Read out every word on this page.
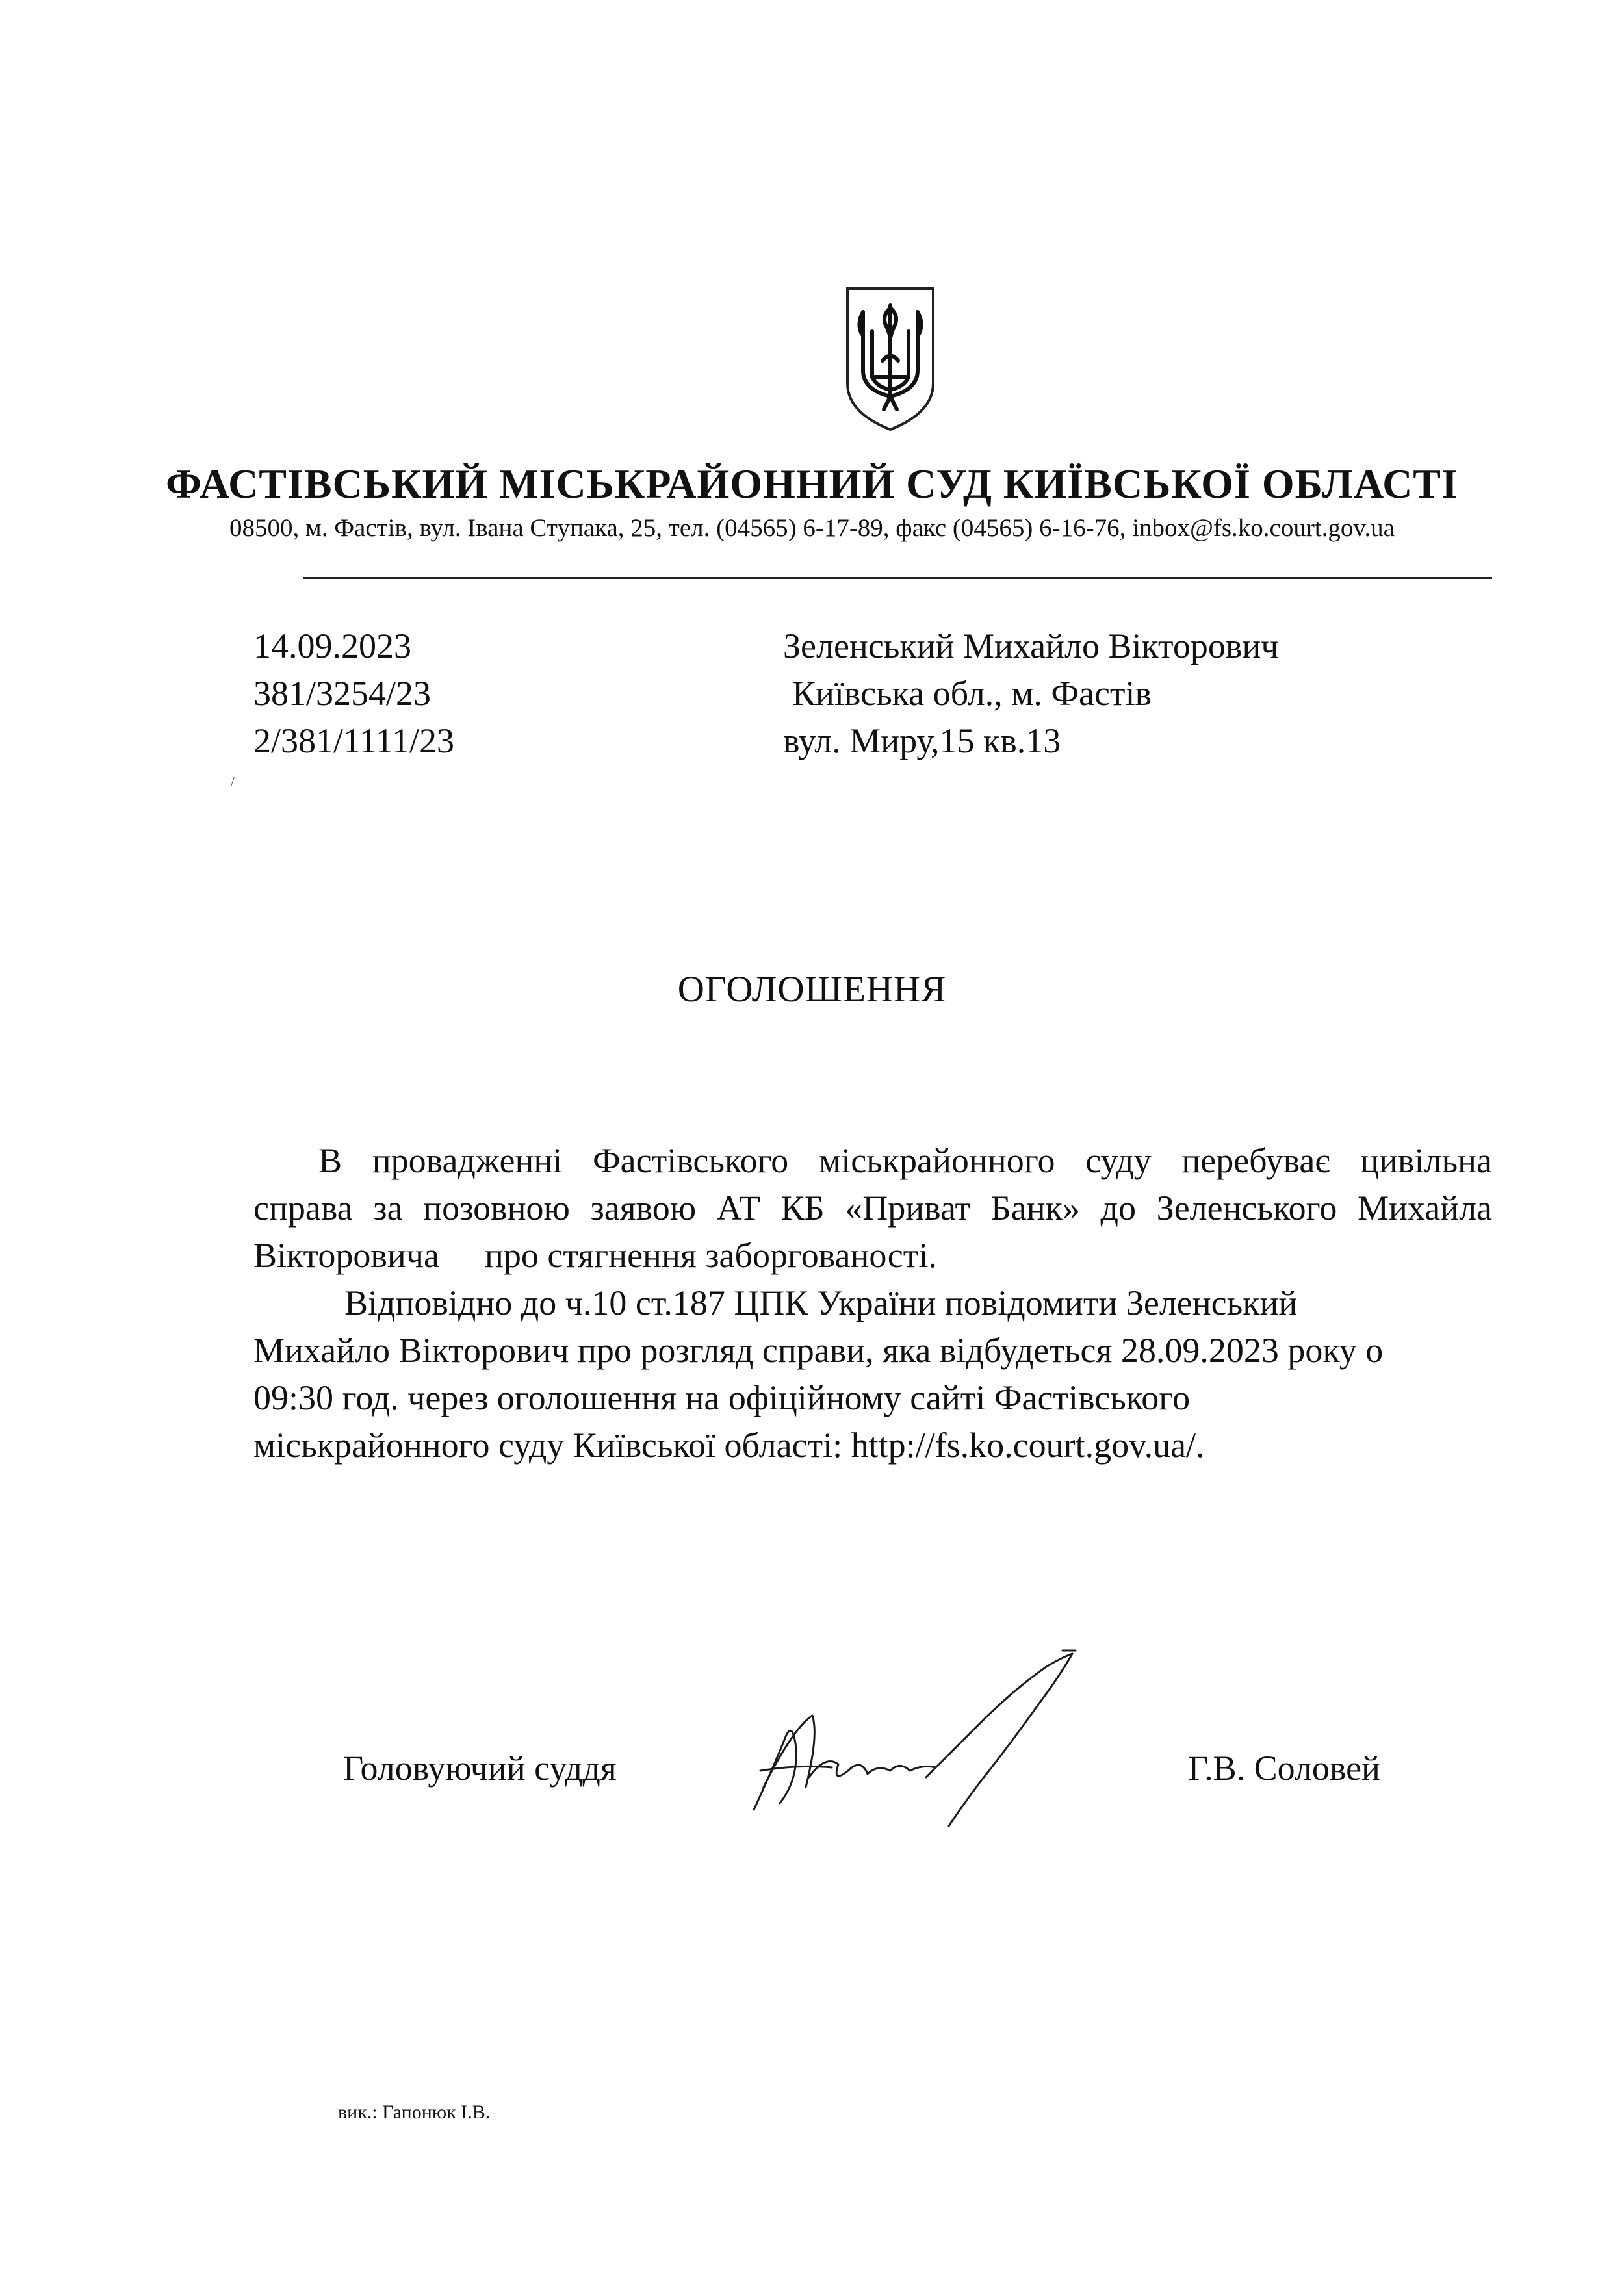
ФАСТІВСЬКИЙ МІСЬКРАЙОННИЙ СУД КИЇВСЬКОЇ ОБЛАСТІ
08500, м. Фастів, вул. Івана Ступака, 25, тел. (04565) 6-17-89, факс (04565) 6-16-76, inbox@fs.ko.court.gov.ua
14.09.2023
381/3254/23
2/381/1111/23
Зеленський Михайло Вікторович
Київська обл., м. Фастів
вул. Миру,15 кв.13
/
ОГОЛОШЕННЯ
В провадженні Фастівського міськрайонного суду перебуває цивільна
справа за позовною заявою АТ КБ «Приват Банк» до Зеленського Михайла
Вікторовича про стягнення заборгованості.
Відповідно до ч.10 ст.187 ЦПК України повідомити Зеленський
Михайло Вікторович про розгляд справи, яка відбудеться 28.09.2023 року о
09:30 год. через оголошення на офіційному сайті Фастівського
міськрайонного суду Київської області: http://fs.ko.court.gov.ua/.
Головуючий суддя	Г.В. Соловей
вик.: Гапонюк І.В.
